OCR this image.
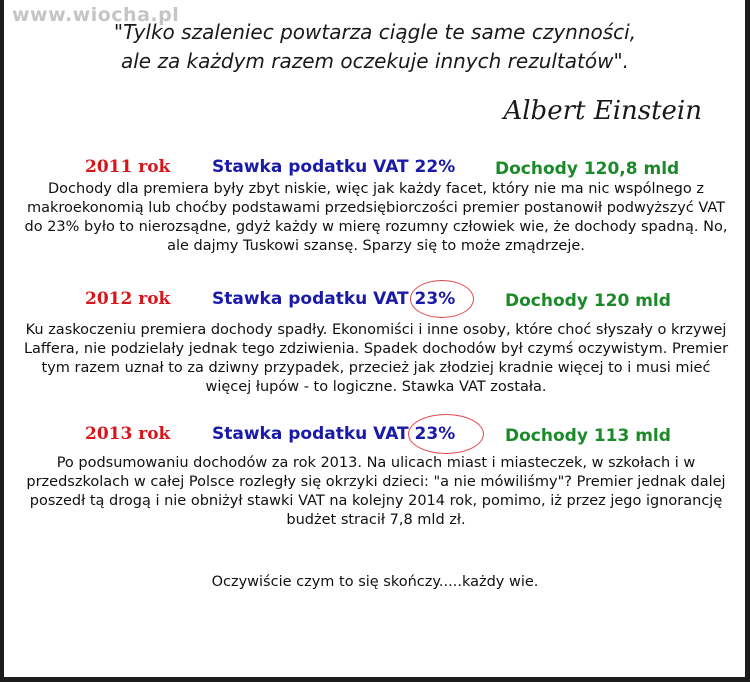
www.wiocha.pl
"Tylko szaleniec powtarza ciągle te same czynności,
ale za każdym razem oczekuje innych rezultatów".
Albert Einstein
2011 rok Stawka podatku VAT 22% Dochody 120,8 mld
Dochody dla premiera były zbyt niskie, więc jak każdy facet, który nie ma nic wspólnego z makroekonomią lub choćby podstawami przedsiębiorczości premier postanowił podwyższyć VAT do 23% było to nierozsądne, gdyż każdy w mierę rozumny człowiek wie, że dochody spadną. No, ale dajmy Tuskowi szansę. Sparzy się to może zmądrzeje.
2012 rok Stawka podatku VAT 23%	Dochody 120 mld
Ku zaskoczeniu premiera dochody spadły. Ekonomiści i inne osoby, które choć słyszały o krzywej Laffera, nie podzielały jednak tego zdziwienia. Spadek dochodów był czymś oczywistym. Premier tym razem uznał to za dziwny przypadek, przecież jak złodziej kradnie więcej to i musi mieć więcej łupów - to logiczne. Stawka VAT została.
2013 rok Stawka podatku VAT 23%	Dochody 113 mld
Po podsumowaniu dochodów za rok 2013. Na ulicach miast i miasteczek, w szkołach i w przedszkolach w całej Polsce rozległy się okrzyki dzieci: "a nie mówiliśmy"? Premier jednak dalej poszedł tą drogą i nie obniżył stawki VAT na kolejny 2014 rok, pomimo, iż przez jego ignorancję budżet stracił 7,8 mld zł.
Oczywiście czym to się skończy.....każdy wie.
